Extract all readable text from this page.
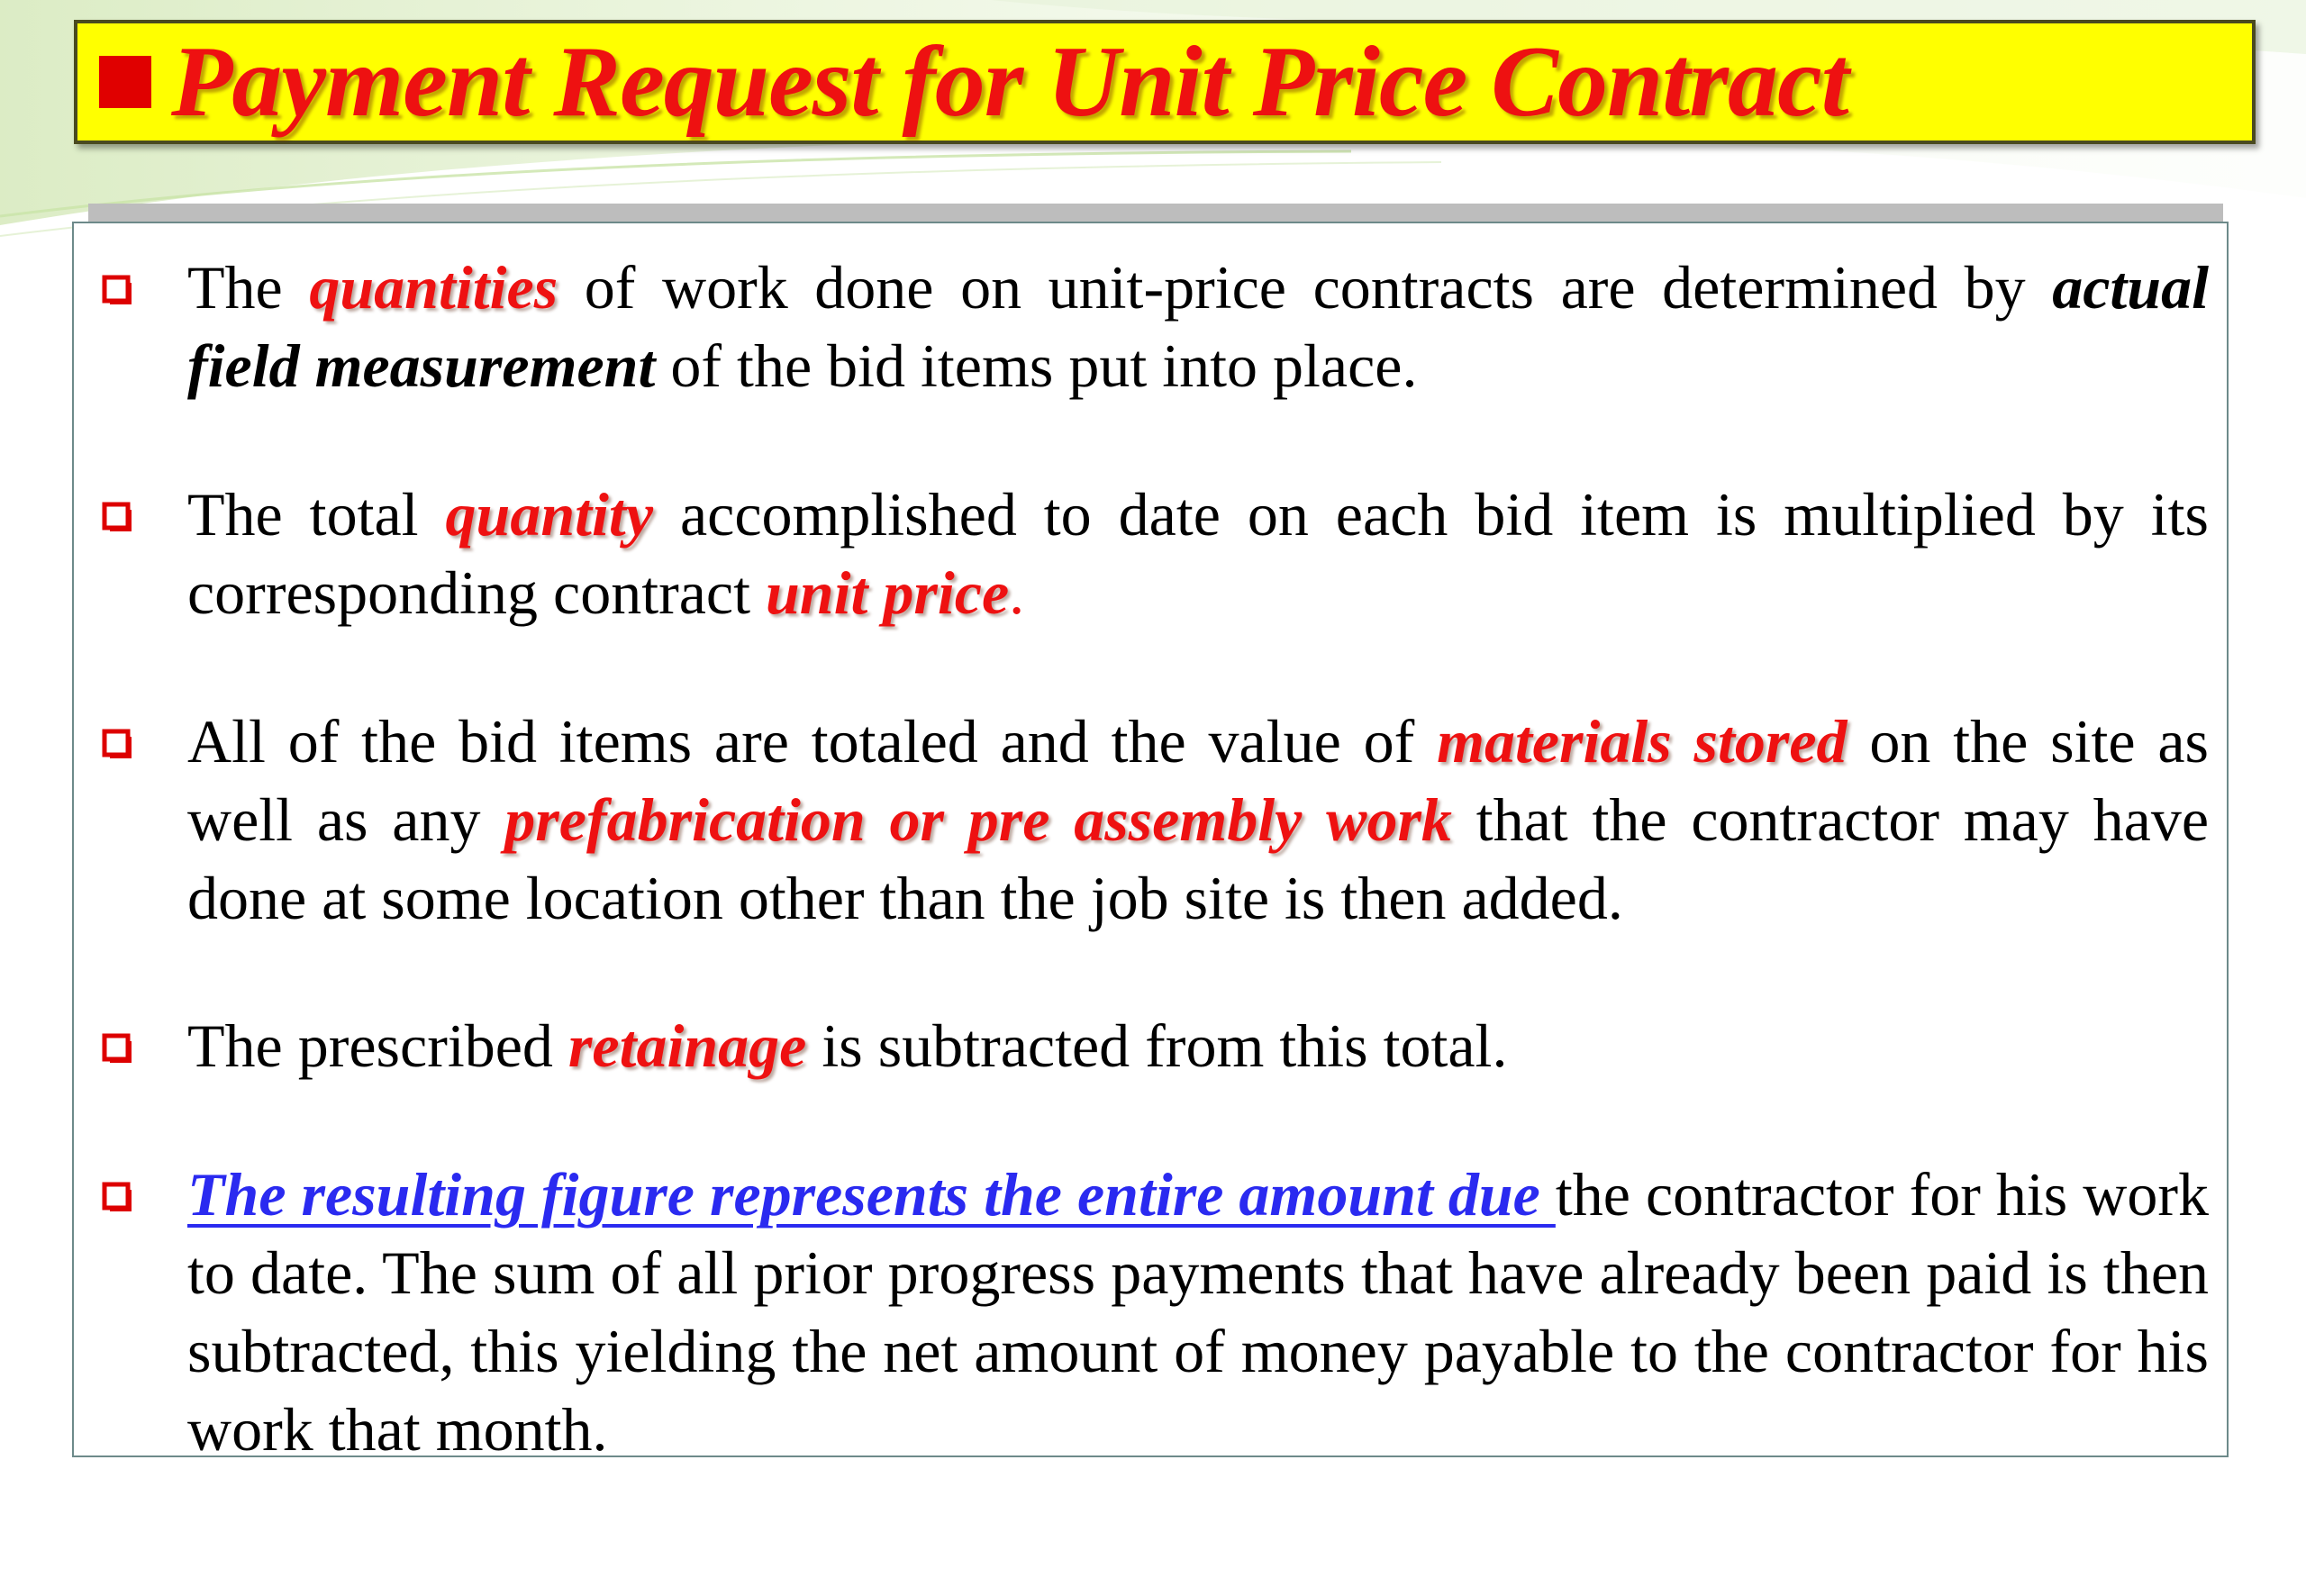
Payment Request for Unit Price Contract
The quantities of work done on unit-price contracts are determined by actual field measurement of the bid items put into place.
The total quantity accomplished to date on each bid item is multiplied by its corresponding contract unit price.
All of the bid items are totaled and the value of materials stored on the site as well as any prefabrication or pre assembly work that the contractor may have done at some location other than the job site is then added.
The prescribed retainage is subtracted from this total.
The resulting figure represents the entire amount due the contractor for his work to date. The sum of all prior progress payments that have already been paid is then subtracted, this yielding the net amount of money payable to the contractor for his work that month.
